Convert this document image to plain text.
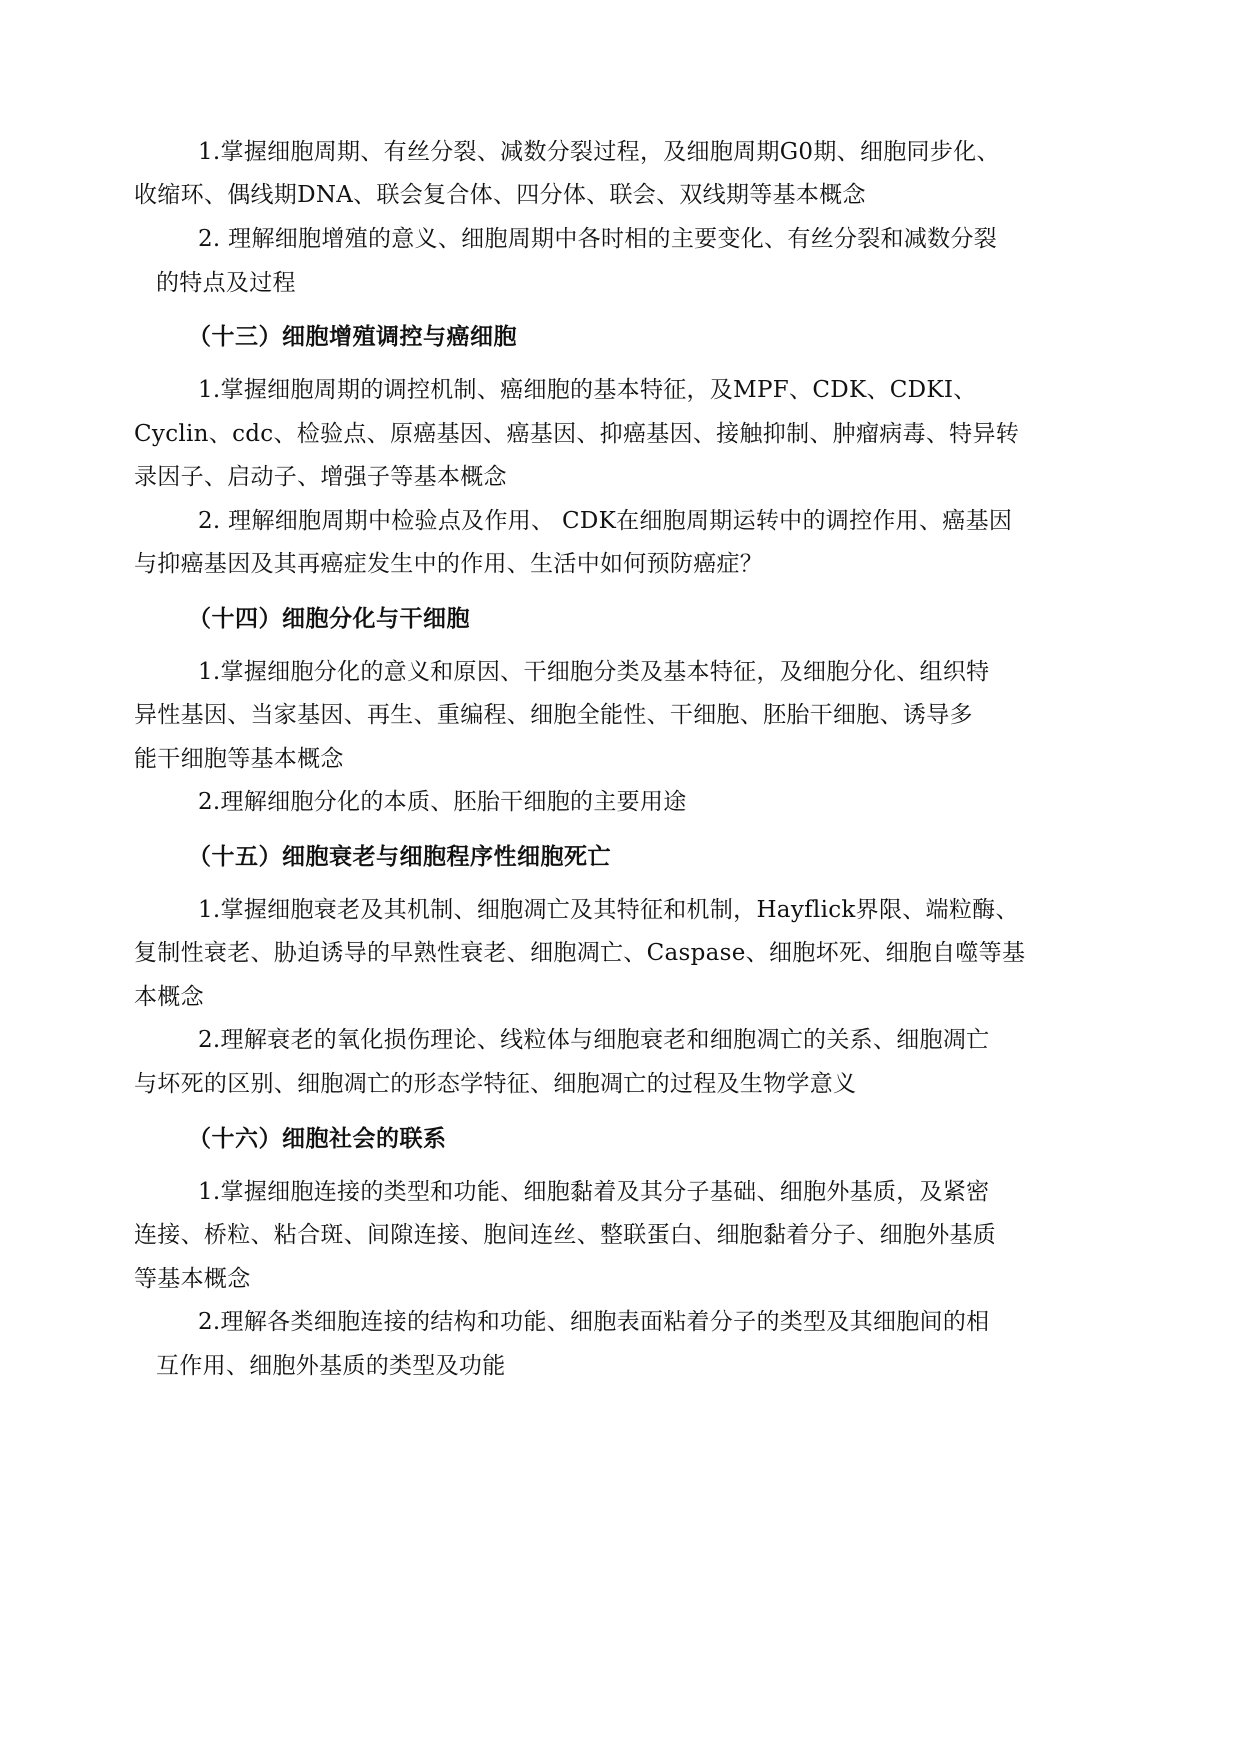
1.掌握细胞周期、有丝分裂、减数分裂过程，及细胞周期G0期、细胞同步化、
收缩环、偶线期DNA、联会复合体、四分体、联会、双线期等基本概念
2. 理解细胞增殖的意义、细胞周期中各时相的主要变化、有丝分裂和减数分裂
的特点及过程
（十三）细胞增殖调控与癌细胞
1.掌握细胞周期的调控机制、癌细胞的基本特征，及MPF、CDK、CDKI、
Cyclin、cdc、检验点、原癌基因、癌基因、抑癌基因、接触抑制、肿瘤病毒、特异转
录因子、启动子、增强子等基本概念
2. 理解细胞周期中检验点及作用、 CDK在细胞周期运转中的调控作用、癌基因
与抑癌基因及其再癌症发生中的作用、生活中如何预防癌症？
（十四）细胞分化与干细胞
1.掌握细胞分化的意义和原因、干细胞分类及基本特征，及细胞分化、组织特
异性基因、当家基因、再生、重编程、细胞全能性、干细胞、胚胎干细胞、诱导多
能干细胞等基本概念
2.理解细胞分化的本质、胚胎干细胞的主要用途
（十五）细胞衰老与细胞程序性细胞死亡
1.掌握细胞衰老及其机制、细胞凋亡及其特征和机制，Hayflick界限、端粒酶、
复制性衰老、胁迫诱导的早熟性衰老、细胞凋亡、Caspase、细胞坏死、细胞自噬等基
本概念
2.理解衰老的氧化损伤理论、线粒体与细胞衰老和细胞凋亡的关系、细胞凋亡
与坏死的区别、细胞凋亡的形态学特征、细胞凋亡的过程及生物学意义
（十六）细胞社会的联系
1.掌握细胞连接的类型和功能、细胞黏着及其分子基础、细胞外基质，及紧密
连接、桥粒、粘合斑、间隙连接、胞间连丝、整联蛋白、细胞黏着分子、细胞外基质
等基本概念
2.理解各类细胞连接的结构和功能、细胞表面粘着分子的类型及其细胞间的相
互作用、细胞外基质的类型及功能
